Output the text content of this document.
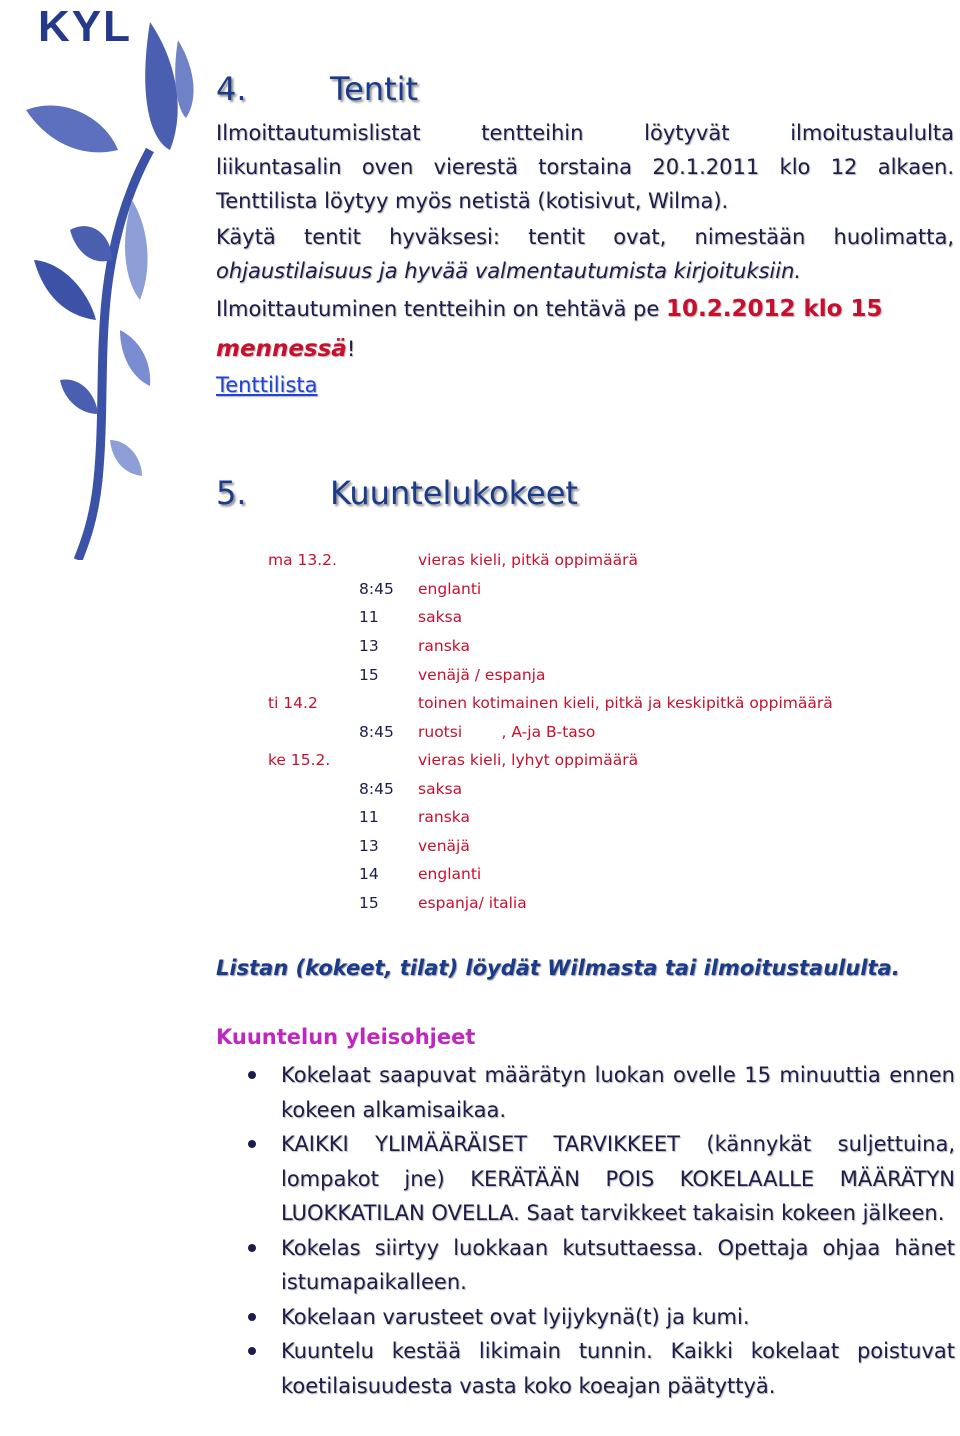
KYL
4.	Tentit
Ilmoittautumislistat tentteihin löytyvät ilmoitustaululta
liikuntasalin oven vierestä torstaina 20.1.2011 klo 12 alkaen.
Tenttilista löytyy myös netistä (kotisivut, Wilma).
Käytä tentit hyväksesi: tentit ovat, nimestään huolimatta,
ohjaustilaisuus ja hyvää valmentautumista kirjoituksiin.
Ilmoittautuminen tentteihin on tehtävä pe 10.2.2012 klo 15
mennessä!
Tenttilista
5.	Kuuntelukokeet
ma 13.2.	vieras kieli, pitkä oppimäärä
8:45 englanti
11	saksa
13	ranska
15	venäjä / espanja
ti 14.2	toinen kotimainen kieli, pitkä ja keskipitkä oppimäärä
8:45 ruotsi        , A-ja B-taso
ke 15.2.	vieras kieli, lyhyt oppimäärä
8:45 saksa
11	ranska
13	venäjä
14	englanti
15	espanja/ italia
Listan (kokeet, tilat) löydät Wilmasta tai ilmoitustaululta.
Kuuntelun yleisohjeet
Kokelaat saapuvat määrätyn luokan ovelle 15 minuuttia ennen kokeen alkamisaikaa.
KAIKKI YLIMÄÄRÄISET TARVIKKEET (kännykät suljettuina, lompakot jne) KERÄTÄÄN POIS KOKELAALLE MÄÄRÄTYN LUOKKATILAN OVELLA. Saat tarvikkeet takaisin kokeen jälkeen.
Kokelas siirtyy luokkaan kutsuttaessa. Opettaja ohjaa hänet istumapaikalleen.
Kokelaan varusteet ovat lyijykynä(t) ja kumi.
Kuuntelu kestää likimain tunnin. Kaikki kokelaat poistuvat koetilaisuudesta vasta koko koeajan päätyttyä.
